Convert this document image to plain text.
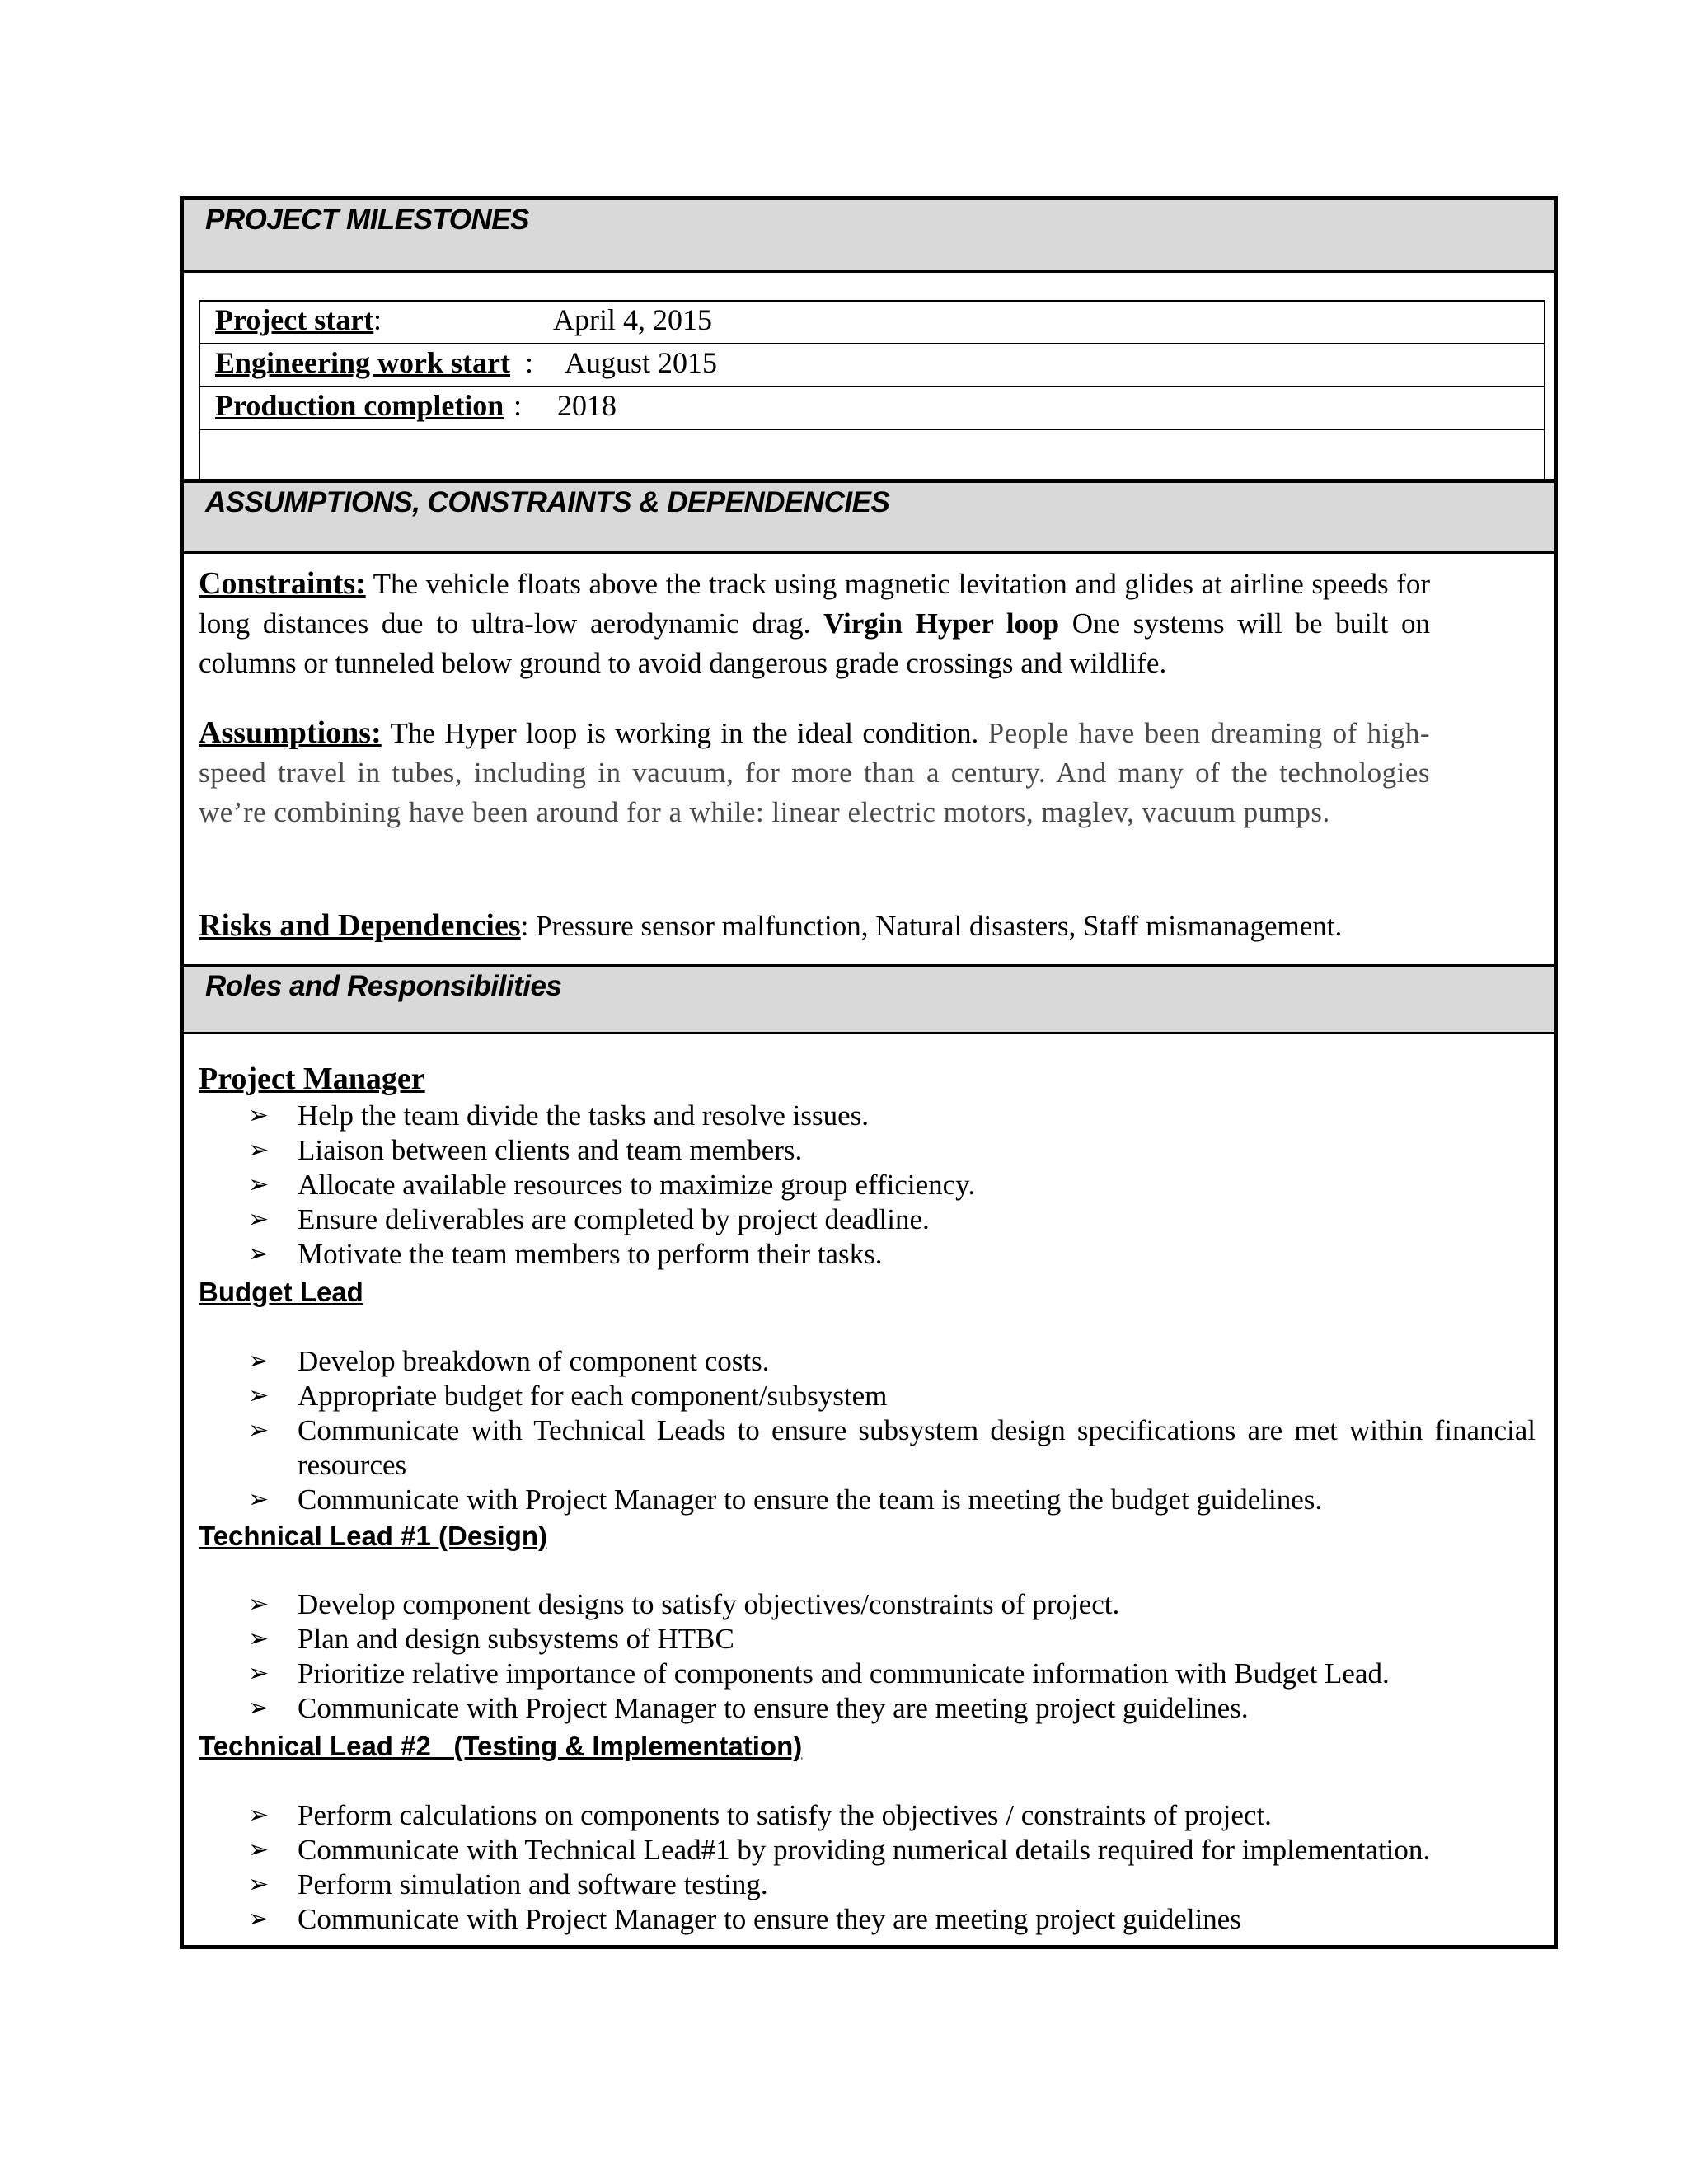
PROJECT MILESTONES
Project start	April 4, 2015
:
Engineering work start : August 2015
Production completion : 2018
ASSUMPTIONS, CONSTRAINTS & DEPENDENCIES

Constraints: The vehicle floats above the track using magnetic levitation and glides at airline speeds for long distances due to ultra-low aerodynamic drag. Virgin Hyper loop One systems will be built on columns or tunneled below ground to avoid dangerous grade crossings and wildlife.

Assumptions: The Hyper loop is working in the ideal condition. People have been dreaming of high-speed travel in tubes, including in vacuum, for more than a century. And many of the technologies we’re combining have been around for a while: linear electric motors, maglev, vacuum pumps.

Risks and Dependencies: Pressure sensor malfunction, Natural disasters, Staff mismanagement.

Roles and Responsibilities
Project Manager
➢ Help the team divide the tasks and resolve issues.
➢ Liaison between clients and team members.
➢ Allocate available resources to maximize group efficiency.
➢ Ensure deliverables are completed by project deadline.
➢ Motivate the team members to perform their tasks.
Budget Lead
➢ Develop breakdown of component costs.
➢ Appropriate budget for each component/subsystem
➢ Communicate with Technical Leads to ensure subsystem design specifications are met within financial resources
➢ Communicate with Project Manager to ensure the team is meeting the budget guidelines.
Technical Lead #1 (Design)
➢ Develop component designs to satisfy objectives/constraints of project.
➢ Plan and design subsystems of HTBC
➢ Prioritize relative importance of components and communicate information with Budget Lead.
➢ Communicate with Project Manager to ensure they are meeting project guidelines.
Technical Lead #2   (Testing & Implementation)
➢ Perform calculations on components to satisfy the objectives / constraints of project.
➢ Communicate with Technical Lead#1 by providing numerical details required for implementation.
➢ Perform simulation and software testing.
➢ Communicate with Project Manager to ensure they are meeting project guidelines
